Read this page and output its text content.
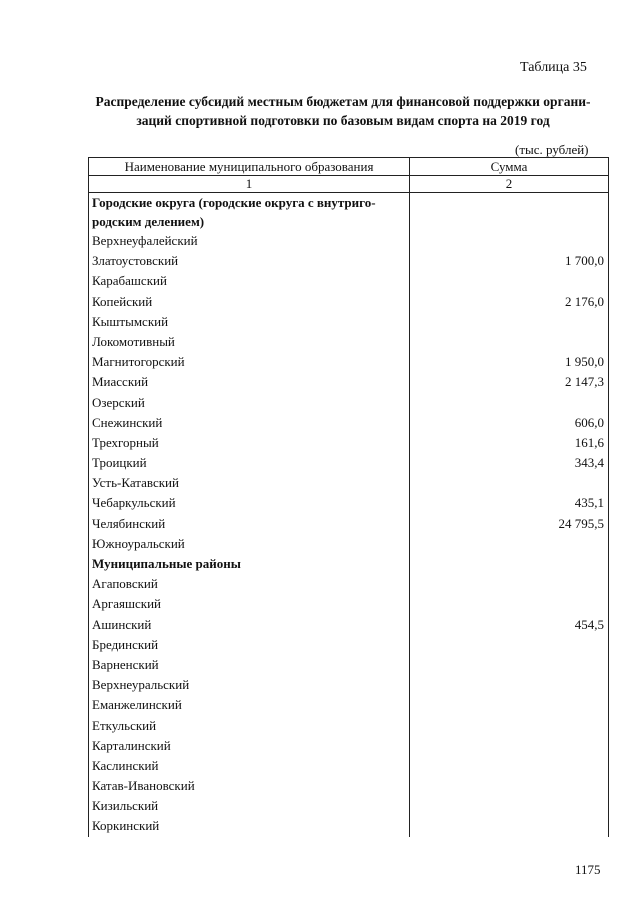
Таблица 35
Распределение субсидий местным бюджетам для финансовой поддержки органи-
заций спортивной подготовки по базовым видам спорта на 2019 год
(тыс. рублей)
Наименование муниципального образования	Сумма
1	2
Городские округа (городские округа с внутриго-
родским делением)	
Верхнеуфалейский	
Златоустовский	1 700,0
Карабашский	
Копейский	2 176,0
Кыштымский	
Локомотивный	
Магнитогорский	1 950,0
Миасский	2 147,3
Озерский	
Снежинский	606,0
Трехгорный	161,6
Троицкий	343,4
Усть-Катавский	
Чебаркульский	435,1
Челябинский	24 795,5
Южноуральский	
Муниципальные районы	
Агаповский	
Аргаяшский	
Ашинский	454,5
Брединский	
Варненский	
Верхнеуральский	
Еманжелинский	
Еткульский	
Карталинский	
Каслинский	
Катав-Ивановский	
Кизильский	
Коркинский	
1175
